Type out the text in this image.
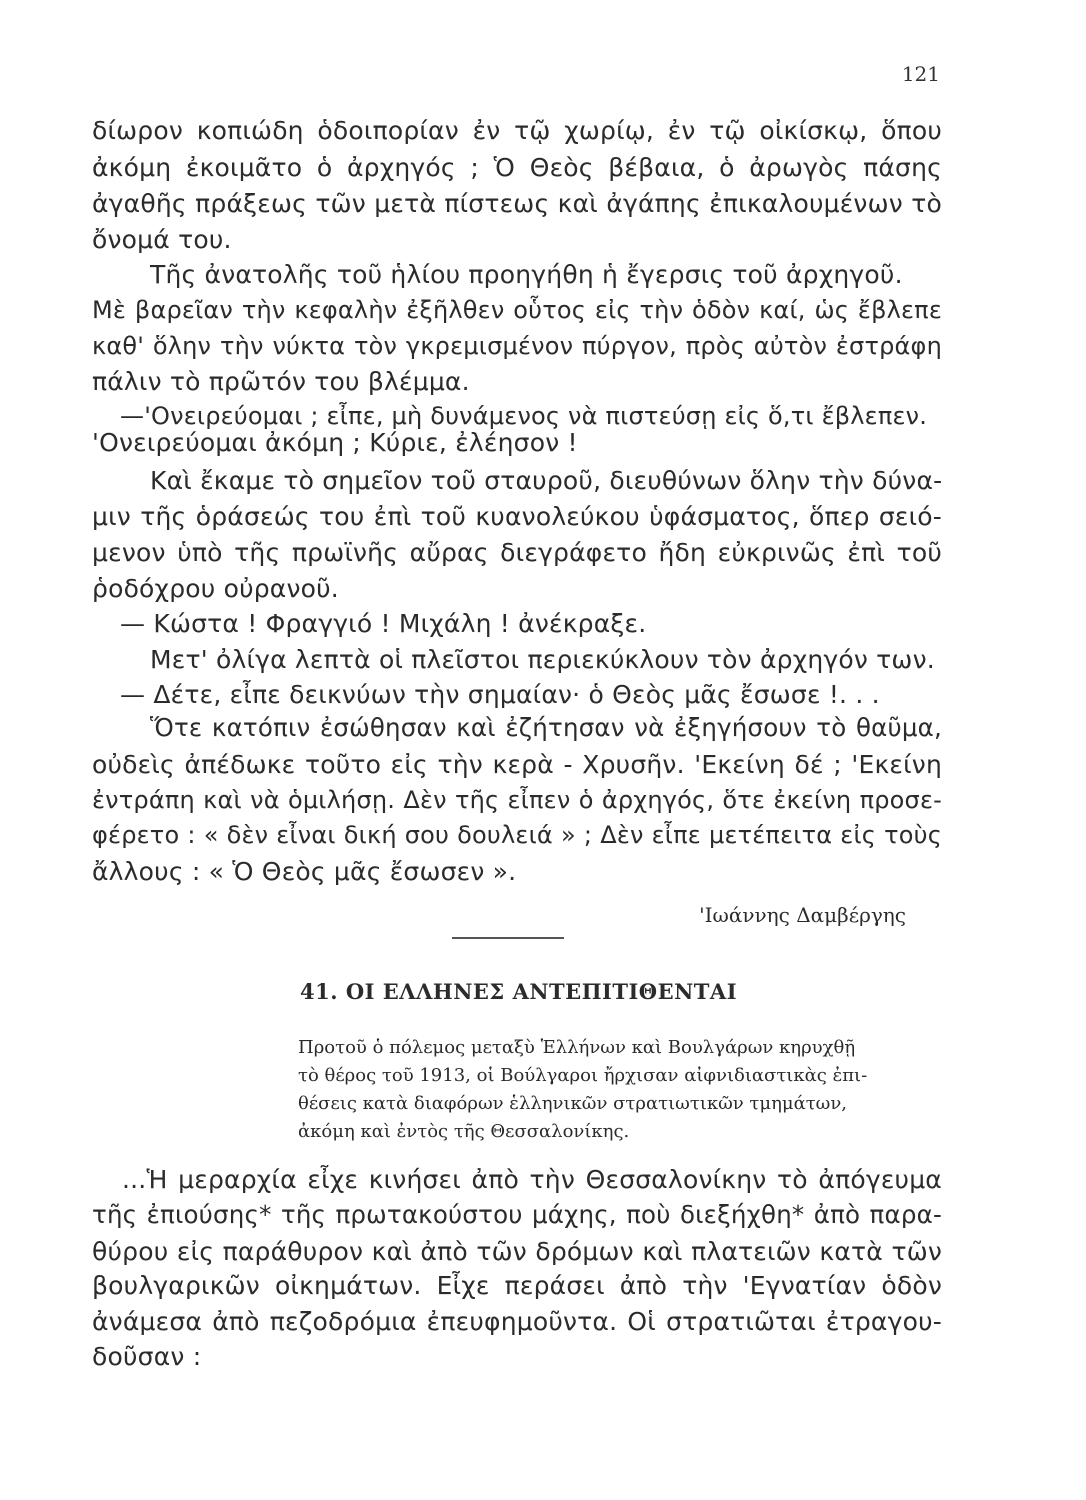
121
δίωρον κοπιώδη ὁδοιπορίαν ἐν τῷ χωρίῳ, ἐν τῷ οἰκίσκῳ, ὅπου
ἀκόμη ἐκοιμᾶτο ὁ ἀρχηγός ; Ὁ Θεὸς βέβαια, ὁ ἀρωγὸς πάσης
ἀγαθῆς πράξεως τῶν μετὰ πίστεως καὶ ἀγάπης ἐπικαλουμένων τὸ
ὄνομά του.
Τῆς ἀνατολῆς τοῦ ἡλίου προηγήθη ἡ ἔγερσις τοῦ ἀρχηγοῦ.
Μὲ βαρεῖαν τὴν κεφαλὴν ἐξῆλθεν οὗτος εἰς τὴν ὁδὸν καί, ὡς ἔβλεπε
καθ' ὅλην τὴν νύκτα τὸν γκρεμισμένον πύργον, πρὸς αὐτὸν ἐστράφη
πάλιν τὸ πρῶτόν του βλέμμα.
—'Ονειρεύομαι ; εἶπε, μὴ δυνάμενος νὰ πιστεύσῃ εἰς ὅ,τι ἔβλεπεν.
'Ονειρεύομαι ἀκόμη ; Κύριε, ἐλέησον !
Καὶ ἔκαμε τὸ σημεῖον τοῦ σταυροῦ, διευθύνων ὅλην τὴν δύνα-
μιν τῆς ὁράσεώς του ἐπὶ τοῦ κυανολεύκου ὑφάσματος, ὅπερ σειό-
μενον ὑπὸ τῆς πρωϊνῆς αὔρας διεγράφετο ἤδη εὐκρινῶς ἐπὶ τοῦ
ῥοδόχρου οὐρανοῦ.
— Κώστα ! Φραγγιό ! Μιχάλη ! ἀνέκραξε.
Μετ' ὀλίγα λεπτὰ οἱ πλεῖστοι περιεκύκλουν τὸν ἀρχηγόν των.
— Δέτε, εἶπε δεικνύων τὴν σημαίαν· ὁ Θεὸς μᾶς ἔσωσε !. . .
Ὅτε κατόπιν ἐσώθησαν καὶ ἐζήτησαν νὰ ἐξηγήσουν τὸ θαῦμα,
οὐδεὶς ἀπέδωκε τοῦτο εἰς τὴν κερὰ - Χρυσῆν. 'Εκείνη δέ ; 'Εκείνη
ἐντράπη καὶ νὰ ὁμιλήσῃ. Δὲν τῆς εἶπεν ὁ ἀρχηγός, ὅτε ἐκείνη προσε-
φέρετο : « δὲν εἶναι δική σου δουλειά » ; Δὲν εἶπε μετέπειτα εἰς τοὺς
ἄλλους : « Ὁ Θεὸς μᾶς ἔσωσεν ».
'Ιωάννης Δαμβέργης
41. ΟΙ ΕΛΛΗΝΕΣ ΑΝΤΕΠΙΤΙΘΕΝΤΑΙ
Πρoτοῦ ὁ πόλεμος μεταξὺ Ἑλλήνων καὶ Βουλγάρων κηρυχθῇ
τὸ θέρος τοῦ 1913, οἱ Βούλγαροι ἤρχισαν αἰφνιδιαστικὰς ἐπι-
θέσεις κατὰ διαφόρων ἑλληνικῶν στρατιωτικῶν τμημάτων,
ἀκόμη καὶ ἐντὸς τῆς Θεσσαλονίκης.
...Ἡ μεραρχία εἶχε κινήσει ἀπὸ τὴν Θεσσαλονίκην τὸ ἀπόγευμα
τῆς ἐπιούσης* τῆς πρωτακούστου μάχης, ποὺ διεξήχθη* ἀπὸ παρα-
θύρου εἰς παράθυρον καὶ ἀπὸ τῶν δρόμων καὶ πλατειῶν κατὰ τῶν
βουλγαρικῶν οἰκημάτων. Εἶχε περάσει ἀπὸ τὴν 'Εγνατίαν ὁδὸν
ἀνάμεσα ἀπὸ πεζοδρόμια ἐπευφημοῦντα. Οἱ στρατιῶται ἐτραγου-
δοῦσαν :
